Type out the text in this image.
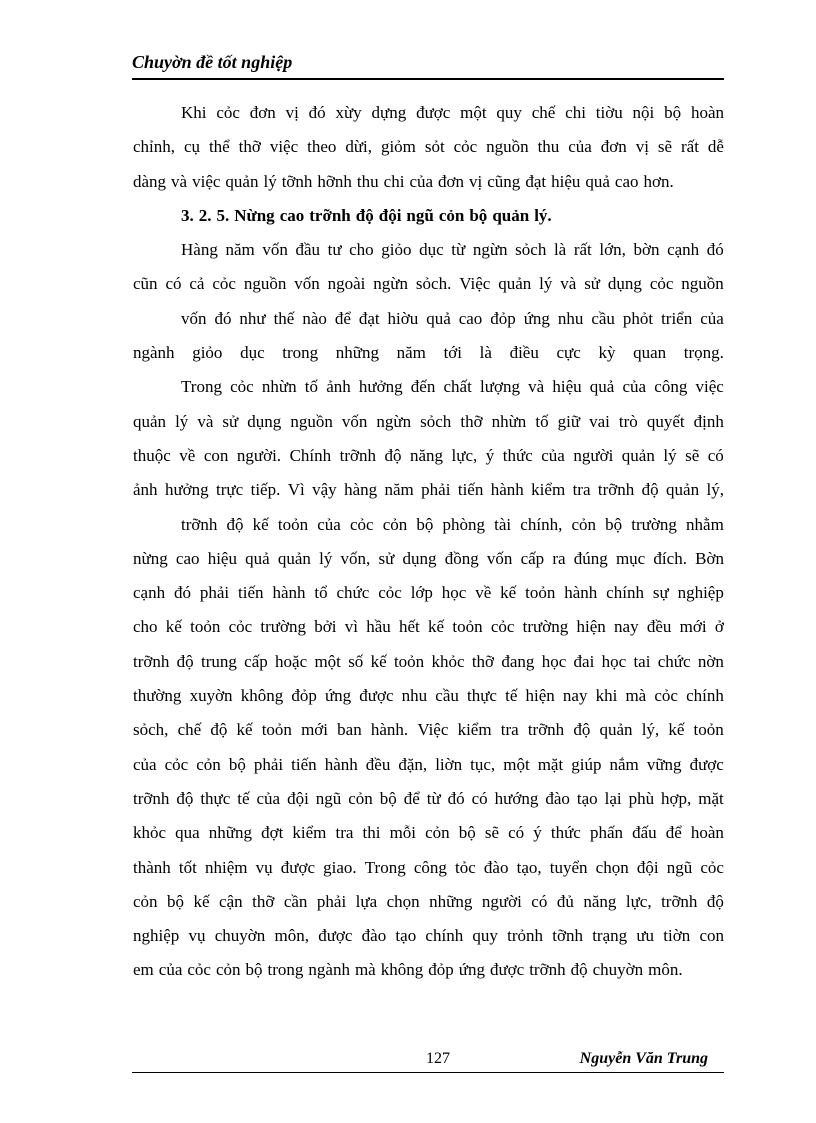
Chuyờn đề tốt nghiệp
Khi cỏc đơn vị đó xừy dựng được một quy chế chi tiờu nội bộ hoàn
chỉnh, cụ thể thỡ việc theo dừi, giỏm sỏt cỏc nguồn thu của đơn vị sẽ rất dễ
dàng và việc quản lý tỡnh hỡnh thu chi của đơn vị cũng đạt hiệu quả cao hơn.
3. 2. 5. Nừng cao trỡnh độ đội ngũ cỏn bộ quản lý.
Hàng năm vốn đầu tư cho giỏo dục từ ngừn sỏch là rất lớn, bờn cạnh đó
cũn có cả cỏc nguồn vốn ngoài ngừn sỏch. Việc quản lý và sử dụng cỏc nguồn
vốn đó như thế nào để đạt hiờu quả cao đỏp ứng nhu cầu phỏt triển của
ngành giỏo dục trong những năm tới là điều cực kỳ quan trọng.
Trong cỏc nhừn tố ảnh hưởng đến chất lượng và hiệu quả của công việc
quản lý và sử dụng nguồn vốn ngừn sỏch thỡ nhừn tố giữ vai trò quyết định
thuộc về con người. Chính trỡnh độ năng lực, ý thức của người quản lý sẽ có
ảnh hưởng trực tiếp. Vì vậy hàng năm phải tiến hành kiểm tra trỡnh độ quản lý,
trỡnh độ kế toỏn của cỏc cỏn bộ phòng tài chính, cỏn bộ trường nhằm
nừng cao hiệu quả quản lý vốn, sử dụng đồng vốn cấp ra đúng mục đích. Bờn
cạnh đó phải tiến hành tổ chức cỏc lớp học về kế toỏn hành chính sự nghiệp
cho kế toỏn cỏc trường bởi vì hầu hết kế toỏn cỏc trường hiện nay đều mới ở
trỡnh độ trung cấp hoặc một số kế toỏn khỏc thỡ đang học đai học tai chức nờn
thường xuyờn không đỏp ứng được nhu cầu thực tế hiện nay khi mà cỏc chính
sỏch, chế độ kế toỏn mới ban hành. Việc kiểm tra trỡnh độ quản lý, kế toỏn
của cỏc cỏn bộ phải tiến hành đều đặn, liờn tục, một mặt giúp nắm vững được
trỡnh độ thực tế của đội ngũ cỏn bộ để từ đó có hướng đào tạo lại phù hợp, mặt
khỏc qua những đợt kiểm tra thi mỗi cỏn bộ sẽ có ý thức phấn đấu để hoàn
thành tốt nhiệm vụ được giao. Trong công tỏc đào tạo, tuyển chọn đội ngũ cỏc
cỏn bộ kế cận thỡ cần phải lựa chọn những người có đủ năng lực, trỡnh độ
nghiệp vụ chuyờn môn, được đào tạo chính quy trỏnh tỡnh trạng ưu tiờn con
em của cỏc cỏn bộ trong ngành mà không đỏp ứng được trỡnh độ chuyờn môn.
127	Nguyễn Văn Trung
